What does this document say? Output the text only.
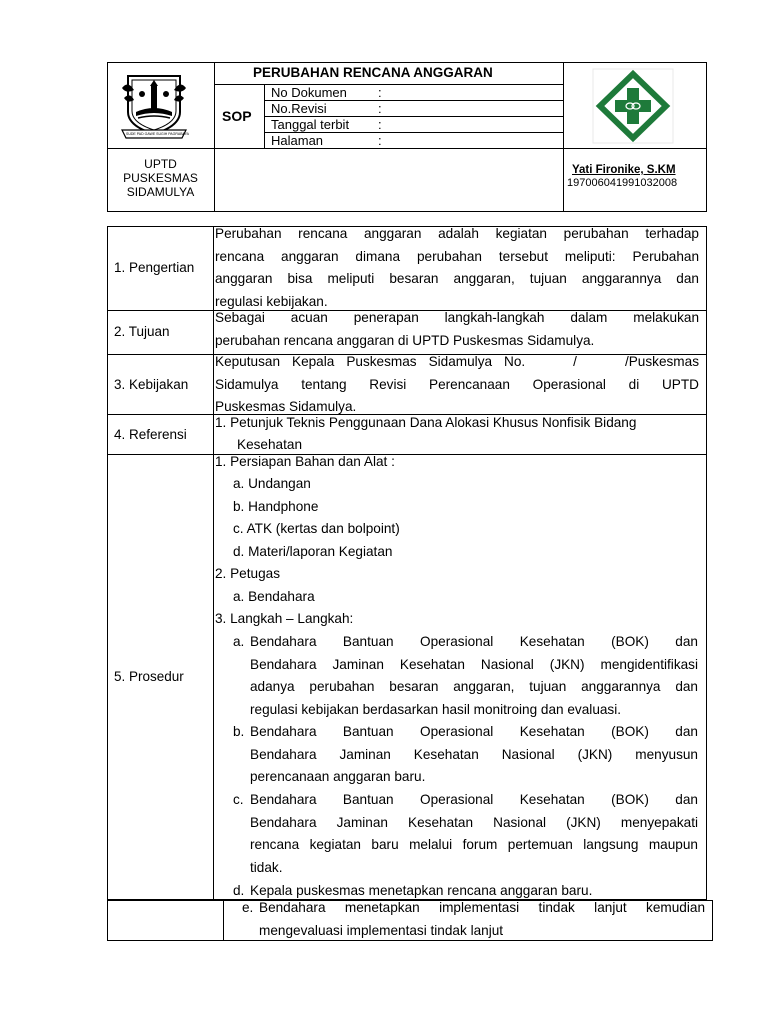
SUDE PAD GAWE SUGIH PAGRABAYA
PERUBAHAN RENCANA ANGGARAN
SOP
No Dokumen :
No.Revisi	:
Tanggal terbit :
Halaman	:
UPTD
PUSKESMAS
SIDAMULYA
Yati Fironike, S.KM
197006041991032008
1. Pengertian
Perubahan rencana anggaran adalah kegiatan perubahan terhadap
rencana anggaran dimana perubahan tersebut meliputi: Perubahan
anggaran bisa meliputi besaran anggaran, tujuan anggarannya dan
regulasi kebijakan.
2. Tujuan
Sebagai acuan penerapan langkah-langkah dalam melakukan
perubahan rencana anggaran di UPTD Puskesmas Sidamulya.
3. Kebijakan
Keputusan Kepala Puskesmas Sidamulya No.    /    /Puskesmas
Sidamulya tentang Revisi Perencanaan Operasional di UPTD
Puskesmas Sidamulya.
4. Referensi
1. Petunjuk Teknis Penggunaan Dana Alokasi Khusus Nonfisik Bidang
Kesehatan
5. Prosedur
1. Persiapan Bahan dan Alat :
a. Undangan
b. Handphone
c. ATK (kertas dan bolpoint)
d. Materi/laporan Kegiatan
2. Petugas
a. Bendahara
3. Langkah – Langkah:
a. Bendahara Bantuan Operasional Kesehatan (BOK) dan
Bendahara Jaminan Kesehatan Nasional (JKN) mengidentifikasi
adanya perubahan besaran anggaran, tujuan anggarannya dan
regulasi kebijakan berdasarkan hasil monitroing dan evaluasi.
b. Bendahara Bantuan Operasional Kesehatan (BOK) dan
Bendahara Jaminan Kesehatan Nasional (JKN) menyusun
perencanaan anggaran baru.
c. Bendahara Bantuan Operasional Kesehatan (BOK) dan
Bendahara Jaminan Kesehatan Nasional (JKN) menyepakati
rencana kegiatan baru melalui forum pertemuan langsung maupun
tidak.
d. Kepala puskesmas menetapkan rencana anggaran baru.
e. Bendahara menetapkan implementasi tindak lanjut kemudian
mengevaluasi implementasi tindak lanjut
